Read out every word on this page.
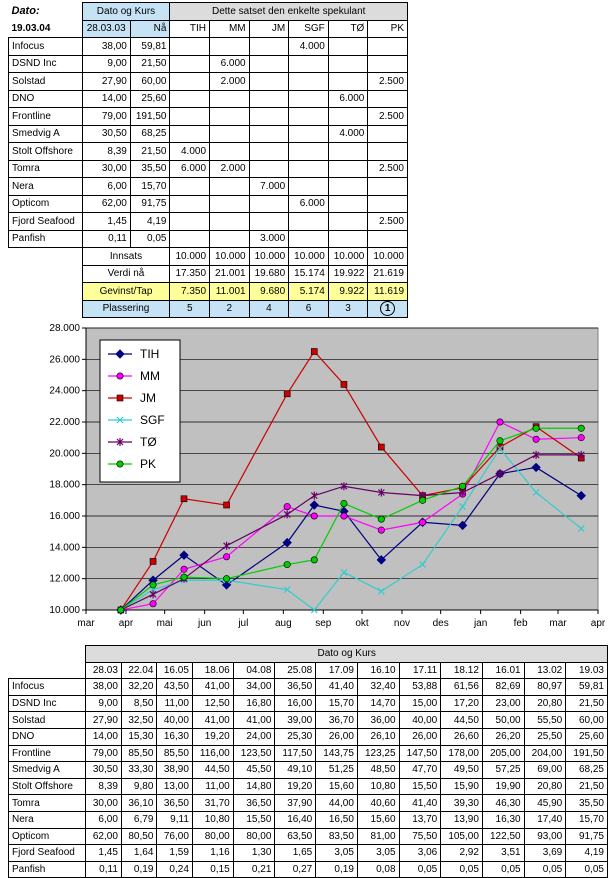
Dato:	Dato og Kurs		Dette satset den enkelte spekulant					
19.03.04	28.03.03	Nå	TIH	MM	JM	SGF	TØ	PK
Infocus	38,00	59,81				4.000		
DSND Inc	9,00	21,50		6.000				
Solstad	27,90	60,00		2.000				2.500
DNO	14,00	25,60					6.000	
Frontline	79,00	191,50						2.500
Smedvig A	30,50	68,25					4.000	
Stolt Offshore	8,39	21,50	4.000					
Tomra	30,00	35,50	6.000	2.000				2.500
Nera	6,00	15,70			7.000			
Opticom	62,00	91,75				6.000		
Fjord Seafood	1,45	4,19						2.500
Panfish	0,11	0,05			3.000			
	Innsats		10.000	10.000	10.000	10.000	10.000	10.000
	Verdi nå		17.350	21.001	19.680	15.174	19.922	21.619
	Gevinst/Tap		7.350	11.001	9.680	5.174	9.922	11.619
	Plassering		5	2	4	6	3	1
10.000
12.000
14.000
16.000
18.000
20.000
22.000
24.000
26.000
28.000
mar apr mai	jun	jul	aug sep okt	nov des	jan	feb mar apr
TIH
MM
JM
SGF
TØ
PK
	Dato og Kurs												
	28.03	22.04	16.05	18.06	04.08	25.08	17.09	16.10	17.11	18.12	16.01	13.02	19.03
Infocus	38,00	32,20	43,50	41,00	34,00	36,50	41,40	32,40	53,88	61,56	82,69	80,97	59,81
DSND Inc	9,00	8,50	11,00	12,50	16,80	16,00	15,70	14,70	15,00	17,20	23,00	20,80	21,50
Solstad	27,90	32,50	40,00	41,00	41,00	39,00	36,70	36,00	40,00	44,50	50,00	55,50	60,00
DNO	14,00	15,30	16,30	19,20	24,00	25,30	26,00	26,10	26,00	26,60	26,20	25,50	25,60
Frontline	79,00	85,50	85,50	116,00	123,50	117,50	143,75	123,25	147,50	178,00	205,00	204,00	191,50
Smedvig A	30,50	33,30	38,90	44,50	45,50	49,10	51,25	48,50	47,70	49,50	57,25	69,00	68,25
Stolt Offshore	8,39	9,80	13,00	11,00	14,80	19,20	15,60	10,80	15,50	15,90	19,90	20,80	21,50
Tomra	30,00	36,10	36,50	31,70	36,50	37,90	44,00	40,60	41,40	39,30	46,30	45,90	35,50
Nera	6,00	6,79	9,11	10,80	15,50	16,40	16,50	15,60	13,70	13,90	16,30	17,40	15,70
Opticom	62,00	80,50	76,00	80,00	80,00	63,50	83,50	81,00	75,50	105,00	122,50	93,00	91,75
Fjord Seafood	1,45	1,64	1,59	1,16	1,30	1,65	3,05	3,05	3,06	2,92	3,51	3,69	4,19
Panfish	0,11	0,19	0,24	0,15	0,21	0,27	0,19	0,08	0,05	0,05	0,05	0,05	0,05
